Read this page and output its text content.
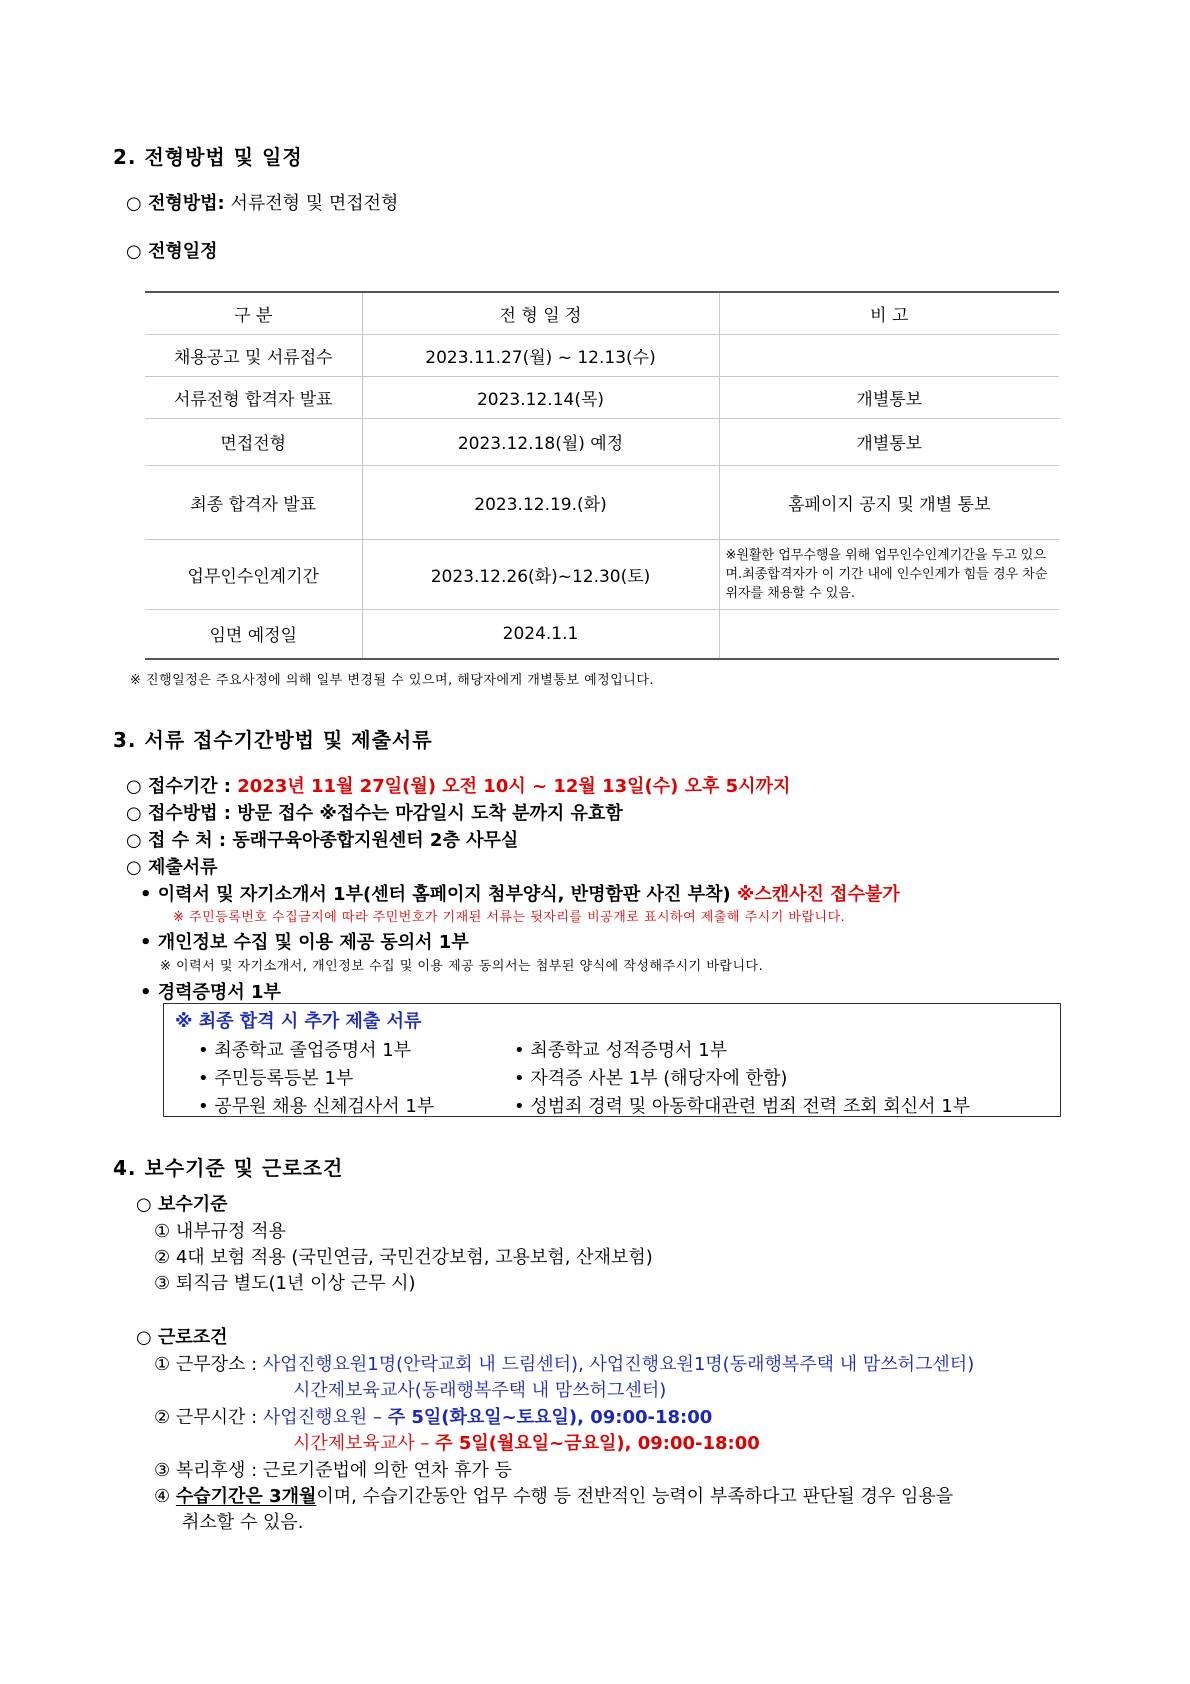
2. 전형방법 및 일정
○ 전형방법: 서류전형 및 면접전형
○ 전형일정
구 분	전 형 일 정	비 고
채용공고 및 서류접수	2023.11.27(월) ~ 12.13(수)	
서류전형 합격자 발표	2023.12.14(목)	개별통보
면접전형	2023.12.18(월) 예정	개별통보
최종 합격자 발표	2023.12.19.(화)	홈페이지 공지 및 개별 통보
업무인수인계기간	2023.12.26(화)~12.30(토)	※원활한 업무수행을 위해 업무인수인계기간을 두고 있으며.최종합격자가 이 기간 내에 인수인계가 힘들 경우 차순위자를 채용할 수 있음.
임면 예정일	2024.1.1	
※ 진행일정은 주요사정에 의해 일부 변경될 수 있으며, 해당자에게 개별통보 예정입니다.
3. 서류 접수기간방법 및 제출서류
○ 접수기간 : 2023년 11월 27일(월) 오전 10시 ~ 12월 13일(수) 오후 5시까지
○ 접수방법 : 방문 접수 ※접수는 마감일시 도착 분까지 유효함
○ 접 수 처 : 동래구육아종합지원센터 2층 사무실
○ 제출서류
• 이력서 및 자기소개서 1부(센터 홈페이지 첨부양식, 반명함판 사진 부착) ※스캔사진 접수불가
※ 주민등록번호 수집금지에 따라 주민번호가 기재된 서류는 뒷자리를 비공개로 표시하여 제출해 주시기 바랍니다.
• 개인정보 수집 및 이용 제공 동의서 1부
※ 이력서 및 자기소개서, 개인정보 수집 및 이용 제공 동의서는 첨부된 양식에 작성해주시기 바랍니다.
• 경력증명서 1부
※ 최종 합격 시 추가 제출 서류
• 최종학교 졸업증명서 1부
• 주민등록등본 1부
• 공무원 채용 신체검사서 1부
• 최종학교 성적증명서 1부
• 자격증 사본 1부 (해당자에 한함)
• 성범죄 경력 및 아동학대관련 범죄 전력 조회 회신서 1부
4. 보수기준 및 근로조건
○ 보수기준
① 내부규정 적용
② 4대 보험 적용 (국민연금, 국민건강보험, 고용보험, 산재보험)
③ 퇴직금 별도(1년 이상 근무 시)
○ 근로조건
① 근무장소 : 사업진행요원1명(안락교회 내 드림센터), 사업진행요원1명(동래행복주택 내 맘쓰허그센터)
시간제보육교사(동래행복주택 내 맘쓰허그센터)
② 근무시간 : 사업진행요원 – 주 5일(화요일~토요일), 09:00-18:00
시간제보육교사 – 주 5일(월요일~금요일), 09:00-18:00
③ 복리후생 : 근로기준법에 의한 연차 휴가 등
④ 수습기간은 3개월이며, 수습기간동안 업무 수행 등 전반적인 능력이 부족하다고 판단될 경우 임용을
취소할 수 있음.
